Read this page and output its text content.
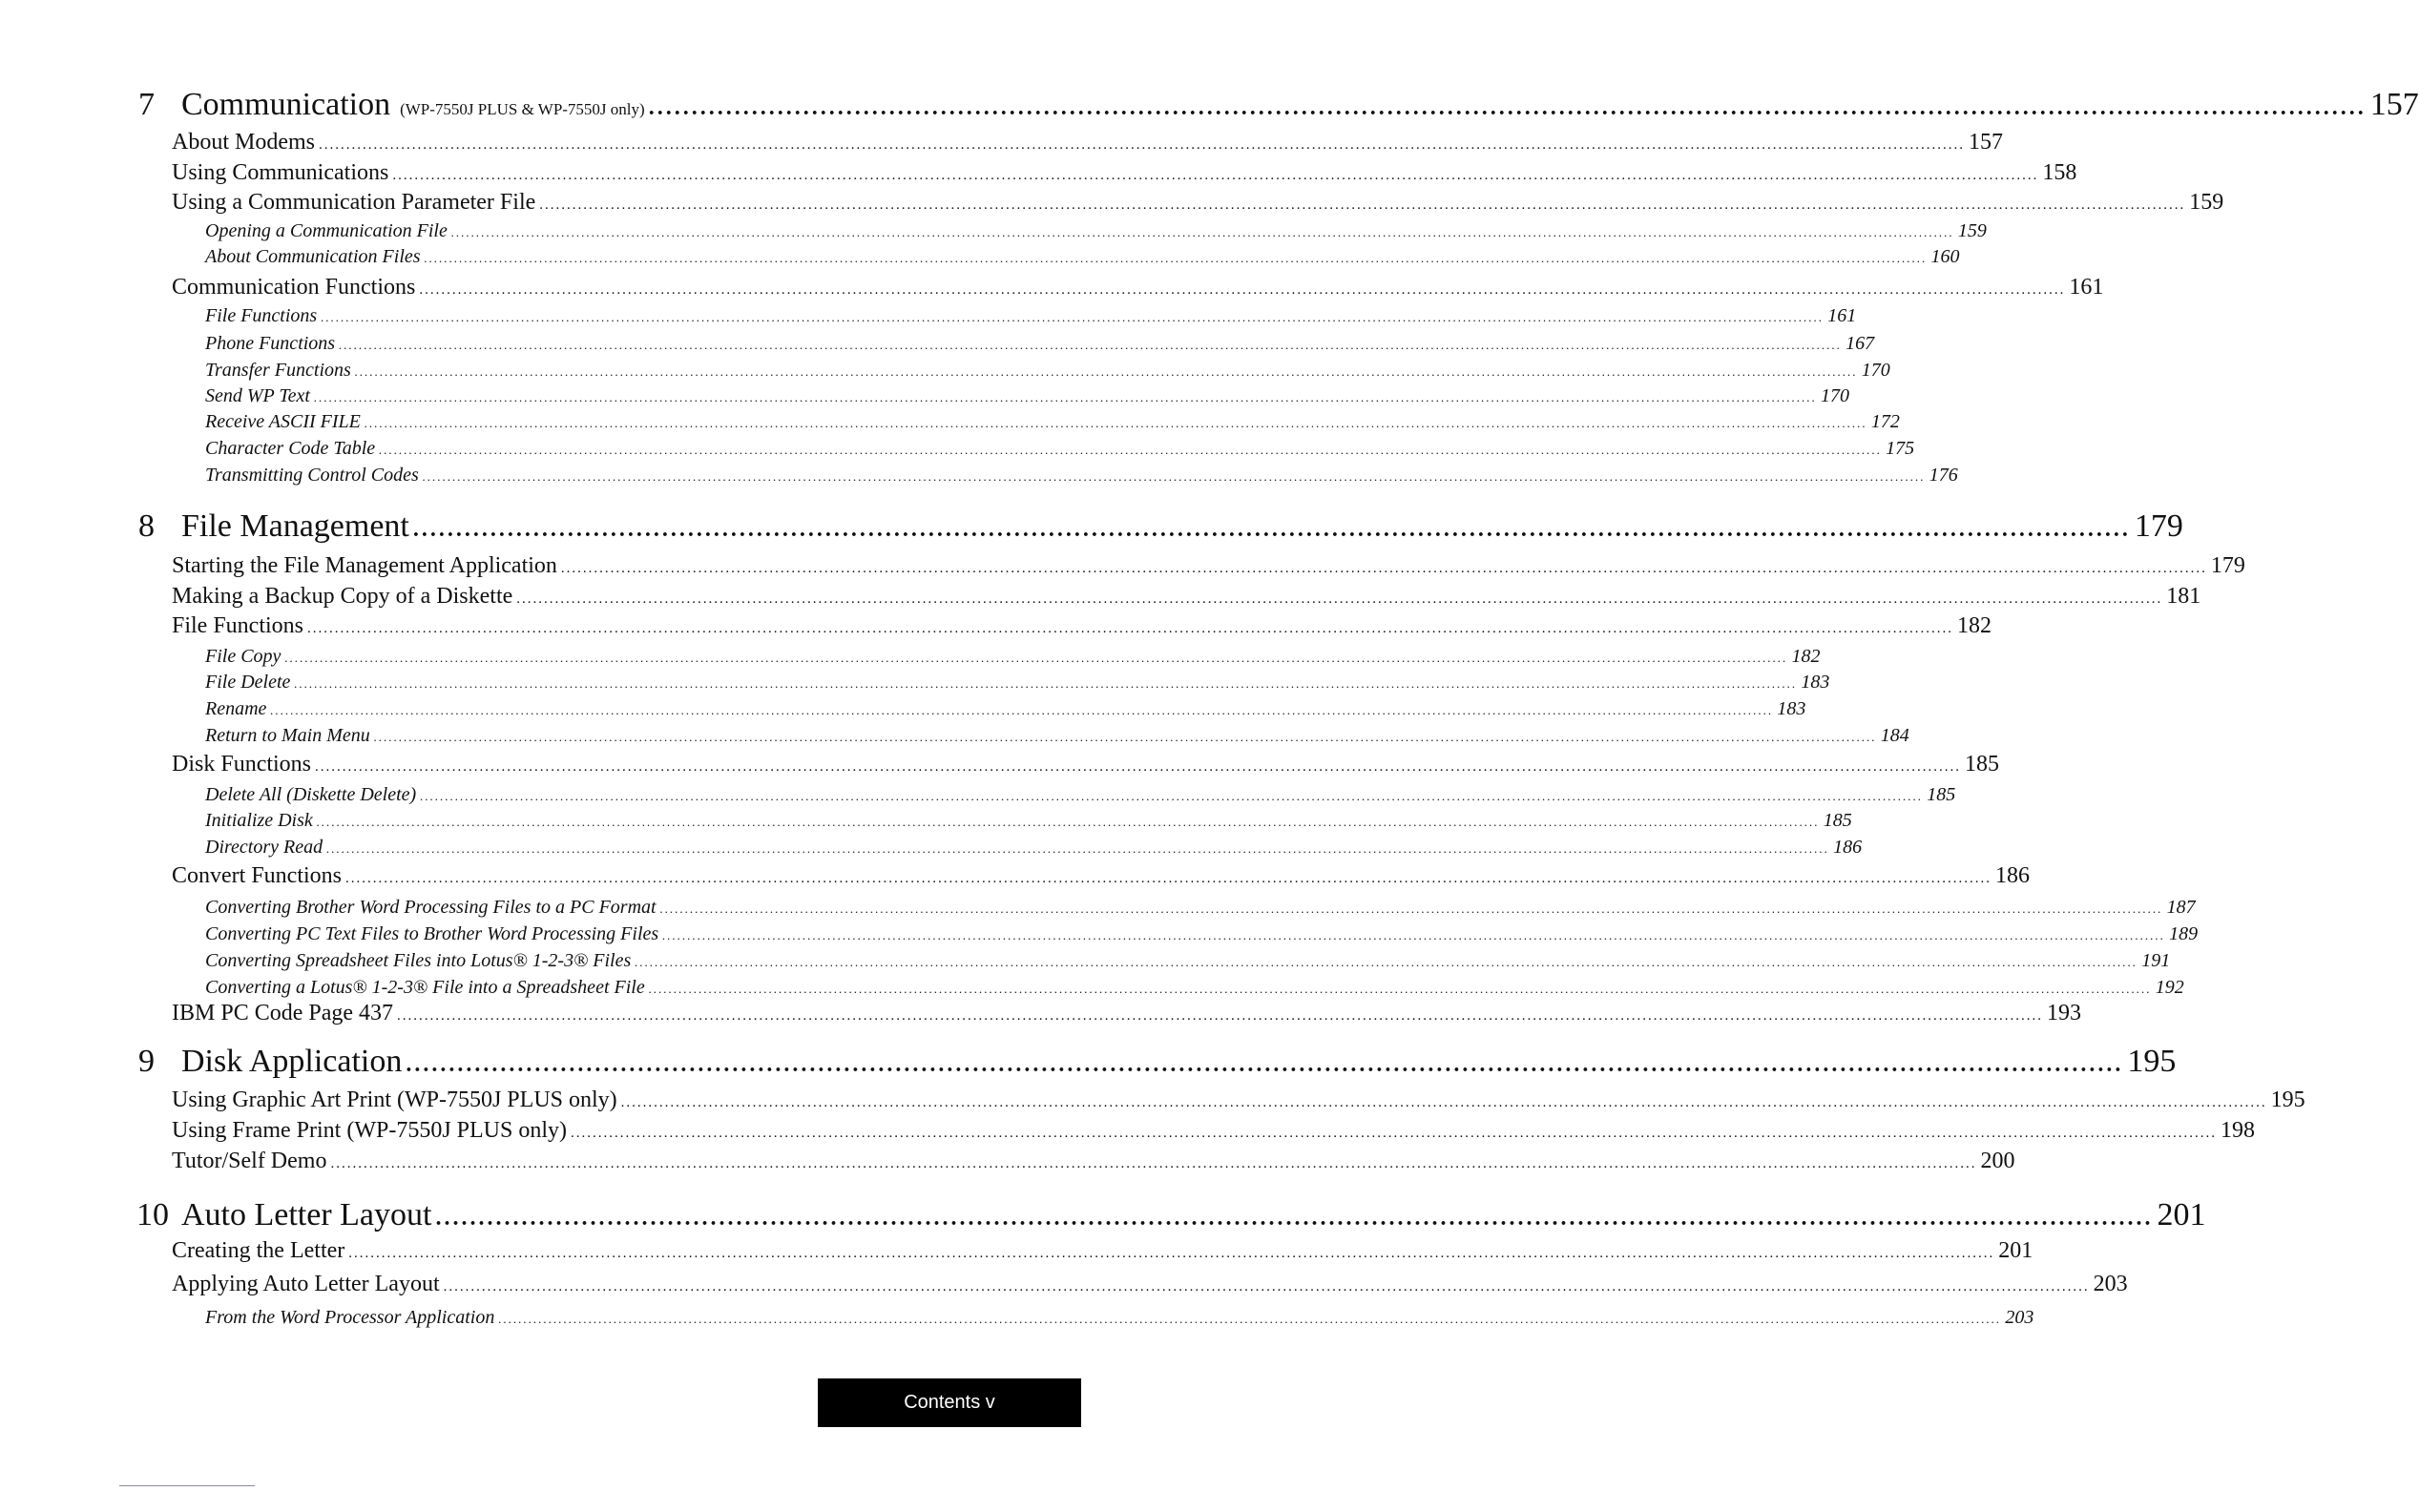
7 Communication (WP-7550J PLUS & WP-7550J only) ........................................................................................................................................................................................................ 157
About Modems ............................................................................................................................................................................................................................................................................................................ 157
Using Communications ............................................................................................................................................................................................................................................................................................................ 158
Using a Communication Parameter File ............................................................................................................................................................................................................................................................................................................ 159
Opening a Communication File ............................................................................................................................................................................................................................................................................................................ 159
About Communication Files ............................................................................................................................................................................................................................................................................................................ 160
Communication Functions ............................................................................................................................................................................................................................................................................................................ 161
File Functions ............................................................................................................................................................................................................................................................................................................ 161
Phone Functions ............................................................................................................................................................................................................................................................................................................ 167
Transfer Functions ............................................................................................................................................................................................................................................................................................................ 170
Send WP Text ............................................................................................................................................................................................................................................................................................................ 170
Receive ASCII FILE ............................................................................................................................................................................................................................................................................................................ 172
Character Code Table ............................................................................................................................................................................................................................................................................................................ 175
Transmitting Control Codes ............................................................................................................................................................................................................................................................................................................ 176
8 File Management ........................................................................................................................................................................................................ 179
Starting the File Management Application ............................................................................................................................................................................................................................................................................................................ 179
Making a Backup Copy of a Diskette ............................................................................................................................................................................................................................................................................................................ 181
File Functions ............................................................................................................................................................................................................................................................................................................ 182
File Copy ............................................................................................................................................................................................................................................................................................................ 182
File Delete ............................................................................................................................................................................................................................................................................................................ 183
Rename ............................................................................................................................................................................................................................................................................................................ 183
Return to Main Menu ............................................................................................................................................................................................................................................................................................................ 184
Disk Functions ............................................................................................................................................................................................................................................................................................................ 185
Delete All (Diskette Delete) ............................................................................................................................................................................................................................................................................................................ 185
Initialize Disk ............................................................................................................................................................................................................................................................................................................ 185
Directory Read ............................................................................................................................................................................................................................................................................................................ 186
Convert Functions ............................................................................................................................................................................................................................................................................................................ 186
Converting Brother Word Processing Files to a PC Format ............................................................................................................................................................................................................................................................................................................ 187
Converting PC Text Files to Brother Word Processing Files ............................................................................................................................................................................................................................................................................................................ 189
Converting Spreadsheet Files into Lotus® 1-2-3® Files ............................................................................................................................................................................................................................................................................................................ 191
Converting a Lotus® 1-2-3® File into a Spreadsheet File ............................................................................................................................................................................................................................................................................................................ 192
IBM PC Code Page 437 ............................................................................................................................................................................................................................................................................................................ 193
9 Disk Application ........................................................................................................................................................................................................ 195
Using Graphic Art Print (WP-7550J PLUS only) ............................................................................................................................................................................................................................................................................................................ 195
Using Frame Print (WP-7550J PLUS only) ............................................................................................................................................................................................................................................................................................................ 198
Tutor/Self Demo ............................................................................................................................................................................................................................................................................................................ 200
10 Auto Letter Layout ........................................................................................................................................................................................................ 201
Creating the Letter ............................................................................................................................................................................................................................................................................................................ 201
Applying Auto Letter Layout ............................................................................................................................................................................................................................................................................................................ 203
From the Word Processor Application ............................................................................................................................................................................................................................................................................................................ 203
Contents v
